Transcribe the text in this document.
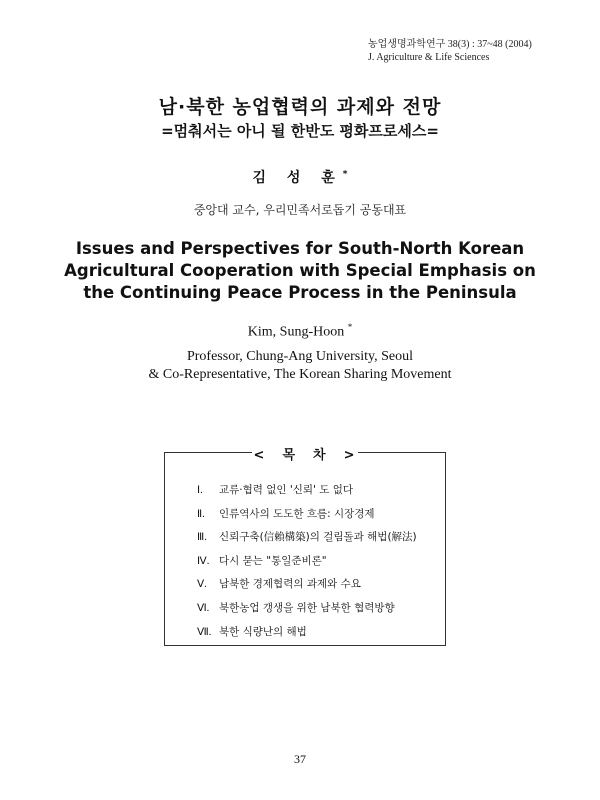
농업생명과학연구 38(3) : 37~48 (2004)
J. Agriculture & Life Sciences
남·북한 농업협력의 과제와 전망
=멈춰서는 아니 될 한반도 평화프로세스=
김 성 훈*
중앙대 교수, 우리민족서로돕기 공동대표
Issues and Perspectives for South-North Korean
Agricultural Cooperation with Special Emphasis on
the Continuing Peace Process in the Peninsula
Kim, Sung-Hoon *
Professor, Chung-Ang University, Seoul
& Co-Representative, The Korean Sharing Movement
< 목 차 >
Ⅰ. 교류·협력 없인 '신뢰' 도 없다
Ⅱ. 인류역사의 도도한 흐름: 시장경제
Ⅲ. 신뢰구축(信賴構築)의 걸림돌과 해법(解法)
Ⅳ. 다시 묻는 "통일준비론"
Ⅴ. 남북한 경제협력의 과제와 수요
Ⅵ. 북한농업 갱생을 위한 남북한 협력방향
Ⅶ. 북한 식량난의 해법
37
